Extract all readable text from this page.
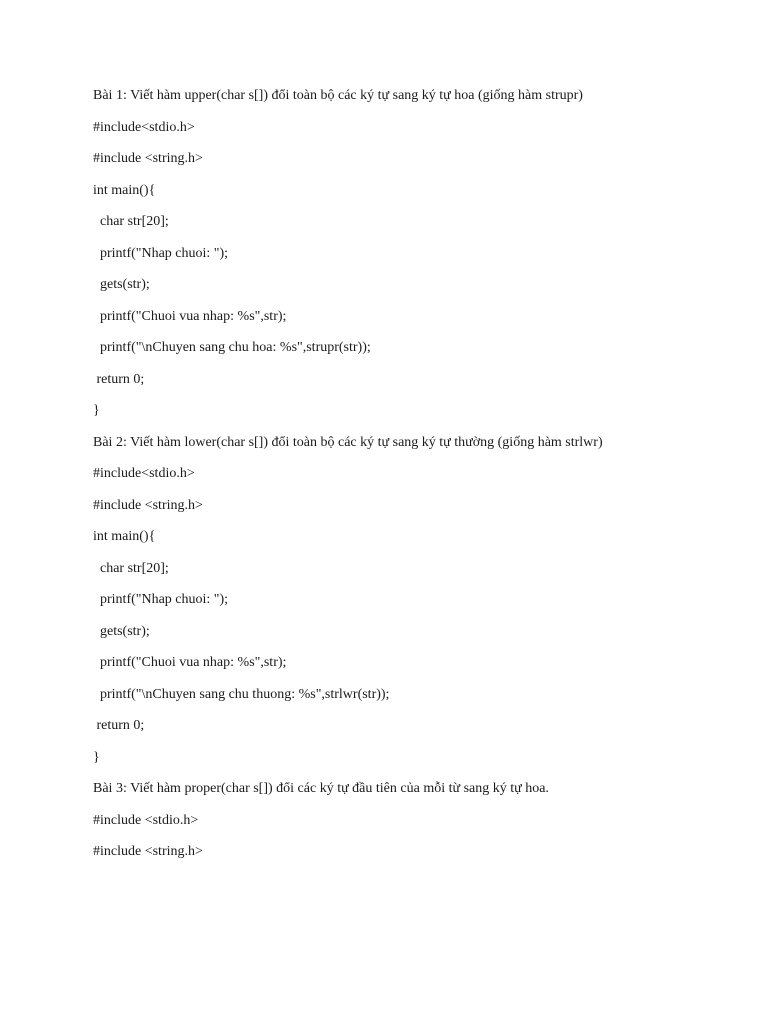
Bài 1: Viết hàm upper(char s[]) đổi toàn bộ các ký tự sang ký tự hoa (giống hàm strupr)
#include<stdio.h>
#include <string.h>
int main(){
char str[20];
printf("Nhap chuoi: ");
gets(str);
printf("Chuoi vua nhap: %s",str);
printf("\nChuyen sang chu hoa: %s",strupr(str));
return 0;
}
Bài 2: Viết hàm lower(char s[]) đổi toàn bộ các ký tự sang ký tự thường (giống hàm strlwr)
#include<stdio.h>
#include <string.h>
int main(){
char str[20];
printf("Nhap chuoi: ");
gets(str);
printf("Chuoi vua nhap: %s",str);
printf("\nChuyen sang chu thuong: %s",strlwr(str));
return 0;
}
Bài 3: Viết hàm proper(char s[]) đổi các ký tự đầu tiên của mỗi từ sang ký tự hoa.
#include <stdio.h>
#include <string.h>
